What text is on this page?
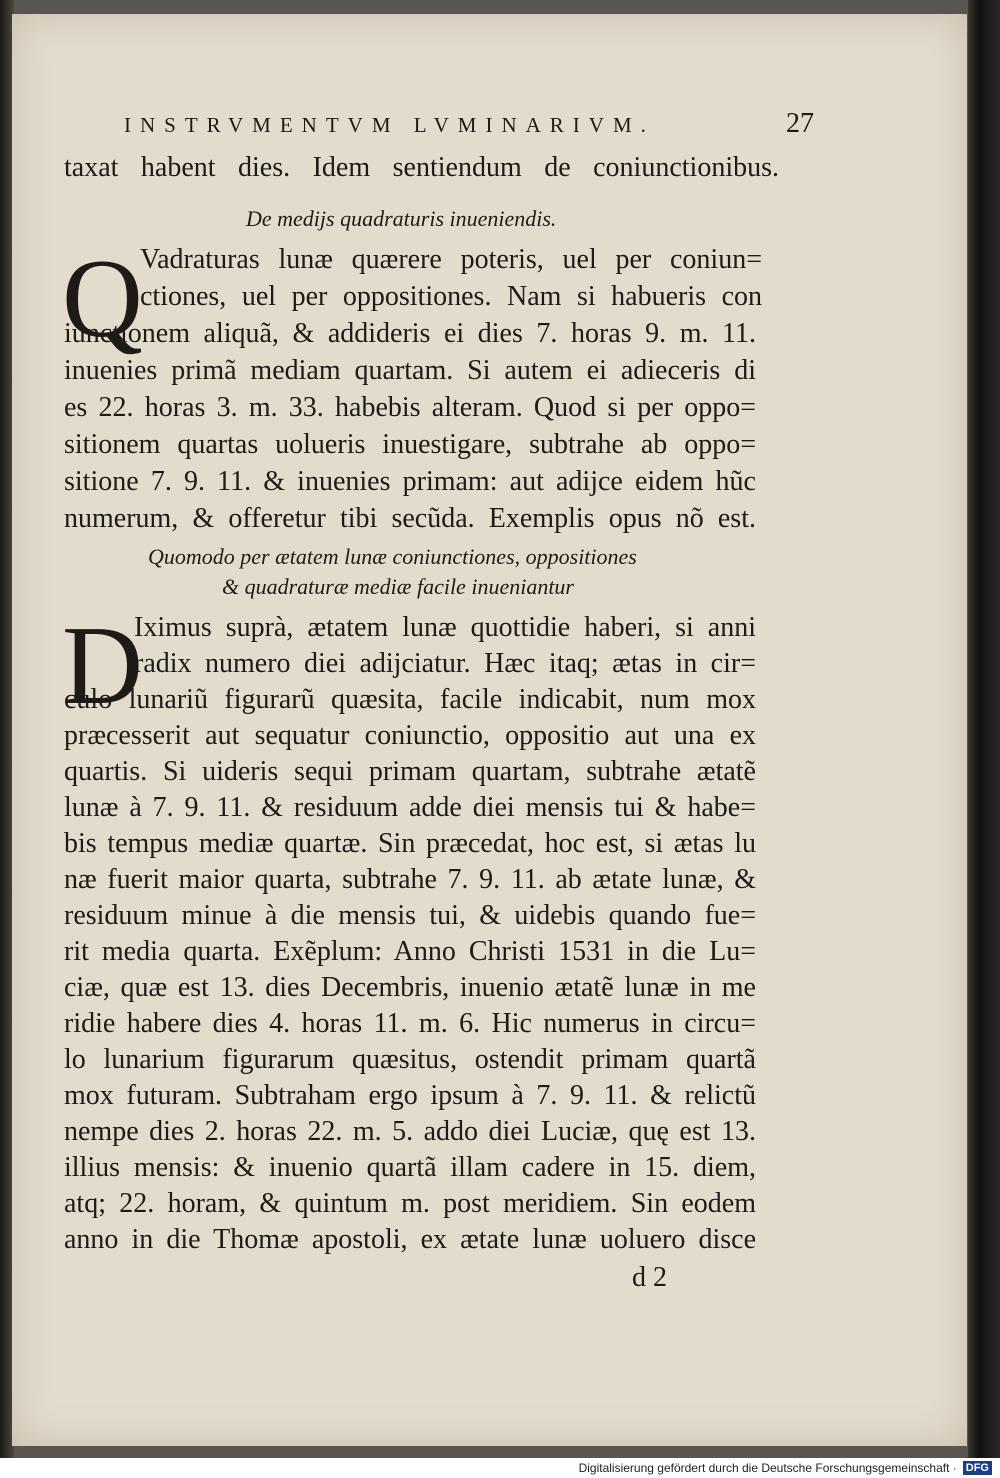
INSTRVMENTVM LVMINARIVM.	27
taxat habent dies. Idem sentiendum de coniunctionibus.
De medijs quadraturis inueniendis.
Q
Vadraturas lunæ quærere poteris, uel per coniun=
ctiones, uel per oppositiones. Nam si habueris con
iunctionem aliquã, & addideris ei dies 7. horas 9. m. 11.
inuenies primã mediam quartam. Si autem ei adieceris di
es 22. horas 3. m. 33. habebis alteram. Quod si per oppo=
sitionem quartas uolueris inuestigare, subtrahe ab oppo=
sitione 7. 9. 11. & inuenies primam: aut adijce eidem hũc
numerum, & offeretur tibi secũda. Exemplis opus nõ est.
Quomodo per ætatem lunæ coniunctiones, oppositiones
& quadraturæ mediæ facile inueniantur
D
Iximus suprà, ætatem lunæ quottidie haberi, si anni
radix numero diei adijciatur. Hæc itaq; ætas in cir=
culo lunariũ figurarũ quæsita, facile indicabit, num mox
præcesserit aut sequatur coniunctio, oppositio aut una ex
quartis. Si uideris sequi primam quartam, subtrahe ætatẽ
lunæ à 7. 9. 11. & residuum adde diei mensis tui & habe=
bis tempus mediæ quartæ. Sin præcedat, hoc est, si ætas lu
næ fuerit maior quarta, subtrahe 7. 9. 11. ab ætate lunæ, &
residuum minue à die mensis tui, & uidebis quando fue=
rit media quarta. Exẽplum: Anno Christi 1531 in die Lu=
ciæ, quæ est 13. dies Decembris, inuenio ætatẽ lunæ in me
ridie habere dies 4. horas 11. m. 6. Hic numerus in circu=
lo lunarium figurarum quæsitus, ostendit primam quartã
mox futuram. Subtraham ergo ipsum à 7. 9. 11. & relictũ
nempe dies 2. horas 22. m. 5. addo diei Luciæ, quę est 13.
illius mensis: & inuenio quartã illam cadere in 15. diem,
atq; 22. horam, & quintum m. post meridiem. Sin eodem
anno in die Thomæ apostoli, ex ætate lunæ uoluero disce
d 2
Digitalisierung gefördert durch die Deutsche Forschungsgemeinschaft · DFG
